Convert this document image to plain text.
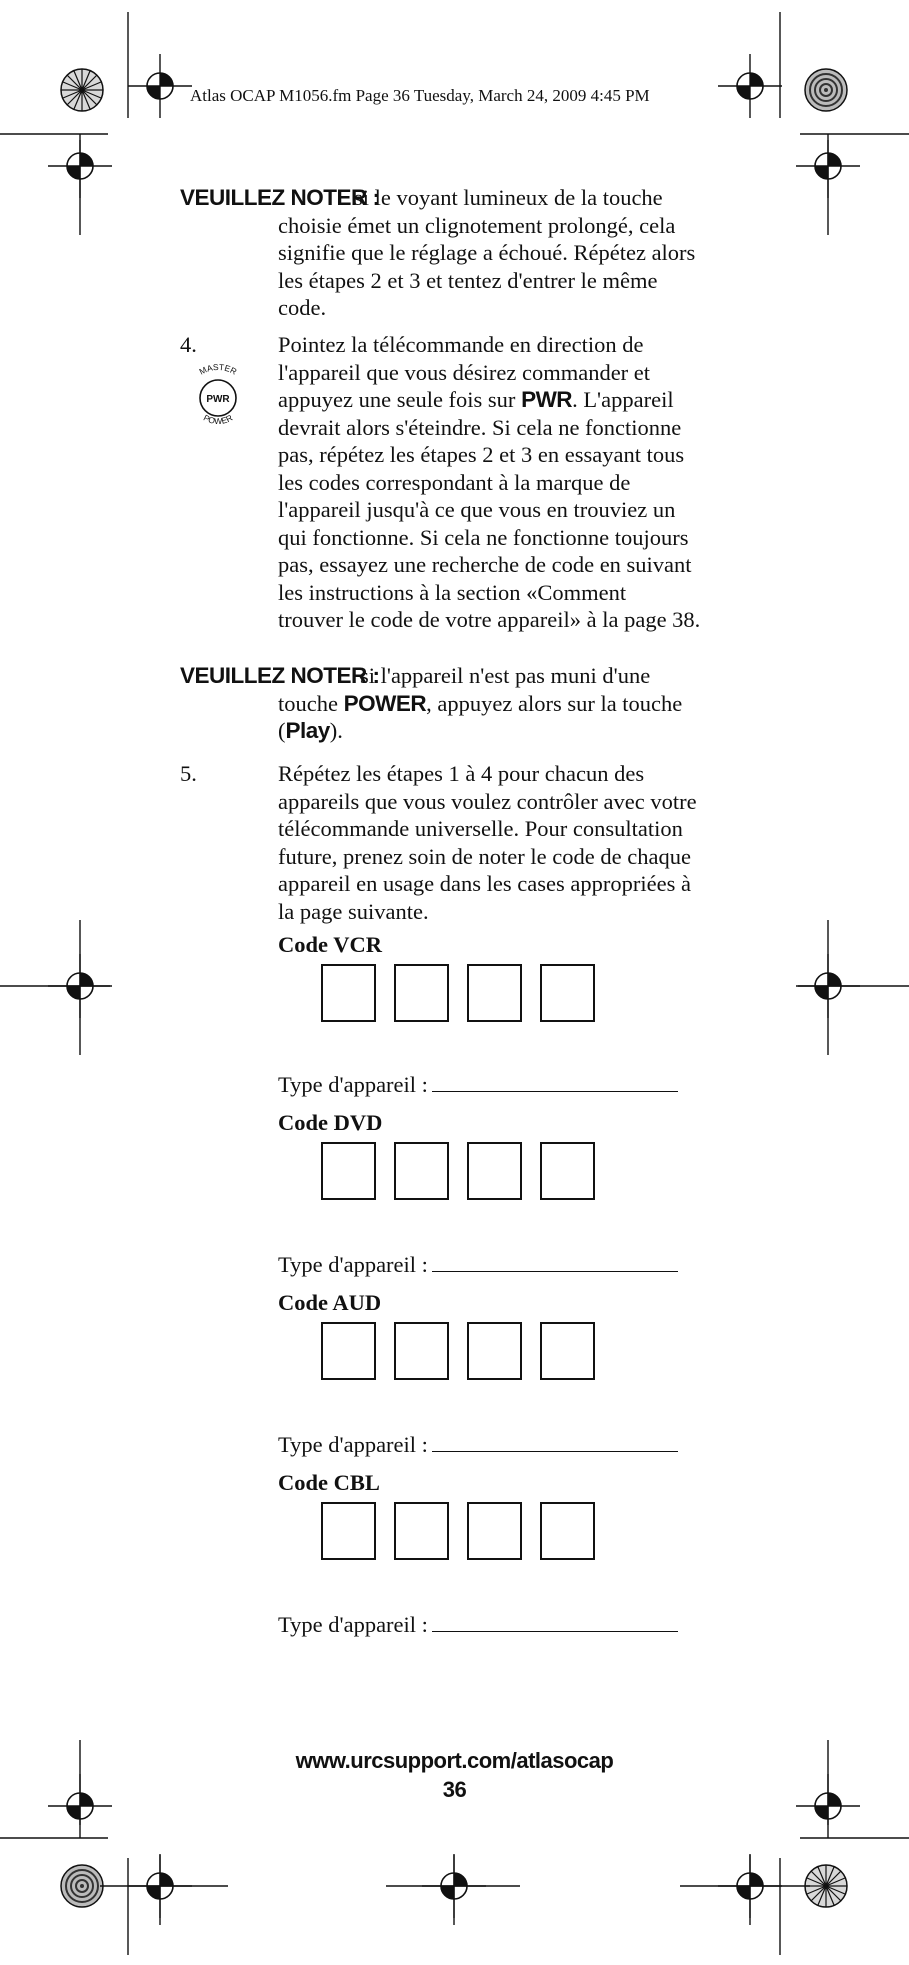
Atlas OCAP M1056.fm Page 36 Tuesday, March 24, 2009 4:45 PM
VEUILLEZ NOTER :
si le voyant lumineux de la touche
choisie émet un clignotement prolongé, cela
signifie que le réglage a échoué. Répétez alors
les étapes 2 et 3 et tentez d'entrer le même
code.
4.
MASTER
PWR
POWER
Pointez la télécommande en direction de
l'appareil que vous désirez commander et
appuyez une seule fois sur PWR. L'appareil
devrait alors s'éteindre. Si cela ne fonctionne
pas, répétez les étapes 2 et 3 en essayant tous
les codes correspondant à la marque de
l'appareil jusqu'à ce que vous en trouviez un
qui fonctionne. Si cela ne fonctionne toujours
pas, essayez une recherche de code en suivant
les instructions à la section «Comment
trouver le code de votre appareil» à la page 38.
VEUILLEZ NOTER :
si l'appareil n'est pas muni d'une
touche POWER, appuyez alors sur la touche
(Play).
5.	Répétez les étapes 1 à 4 pour chacun des
appareils que vous voulez contrôler avec votre
télécommande universelle. Pour consultation
future, prenez soin de noter le code de chaque
appareil en usage dans les cases appropriées à
la page suivante.
Code VCR
Type d'appareil :
Code DVD
Type d'appareil :
Code AUD
Type d'appareil :
Code CBL
Type d'appareil :
www.urcsupport.com/atlasocap
36
